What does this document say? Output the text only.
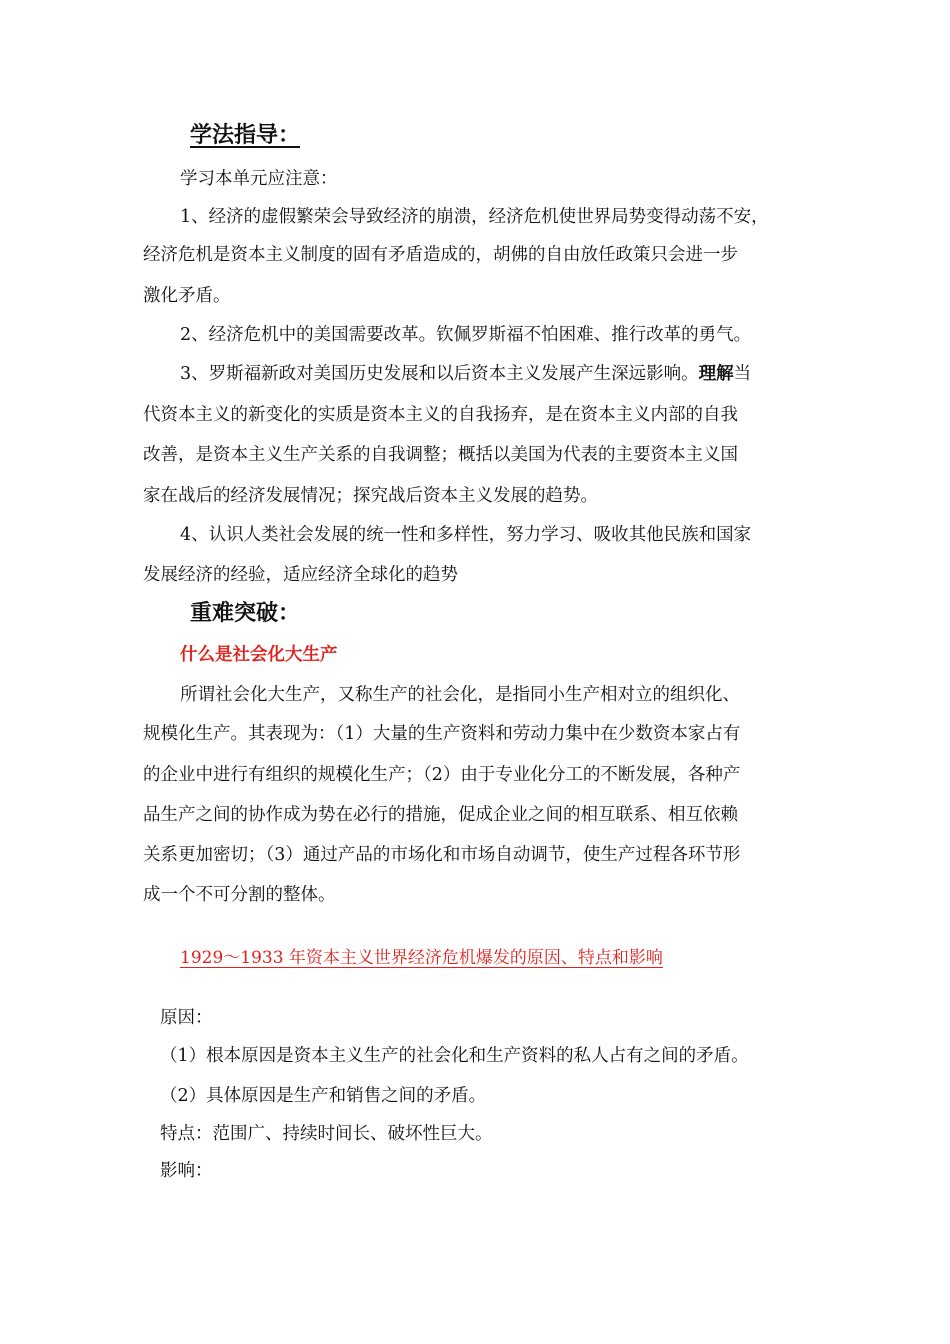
学法指导：
学习本单元应注意：
1、经济的虚假繁荣会导致经济的崩溃，经济危机使世界局势变得动荡不安，
经济危机是资本主义制度的固有矛盾造成的，胡佛的自由放任政策只会进一步
激化矛盾。
2、经济危机中的美国需要改革。钦佩罗斯福不怕困难、推行改革的勇气。
3、罗斯福新政对美国历史发展和以后资本主义发展产生深远影响。理解当
代资本主义的新变化的实质是资本主义的自我扬弃，是在资本主义内部的自我
改善，是资本主义生产关系的自我调整；概括以美国为代表的主要资本主义国
家在战后的经济发展情况；探究战后资本主义发展的趋势。
4、认识人类社会发展的统一性和多样性，努力学习、吸收其他民族和国家
发展经济的经验，适应经济全球化的趋势
重难突破：
什么是社会化大生产
所谓社会化大生产，又称生产的社会化，是指同小生产相对立的组织化、
规模化生产。其表现为：（1）大量的生产资料和劳动力集中在少数资本家占有
的企业中进行有组织的规模化生产；（2）由于专业化分工的不断发展，各种产
品生产之间的协作成为势在必行的措施，促成企业之间的相互联系、相互依赖
关系更加密切；（3）通过产品的市场化和市场自动调节，使生产过程各环节形
成一个不可分割的整体。
1929～1933 年资本主义世界经济危机爆发的原因、特点和影响
原因：
（1）根本原因是资本主义生产的社会化和生产资料的私人占有之间的矛盾。
（2）具体原因是生产和销售之间的矛盾。
特点：范围广、持续时间长、破坏性巨大。
影响：
